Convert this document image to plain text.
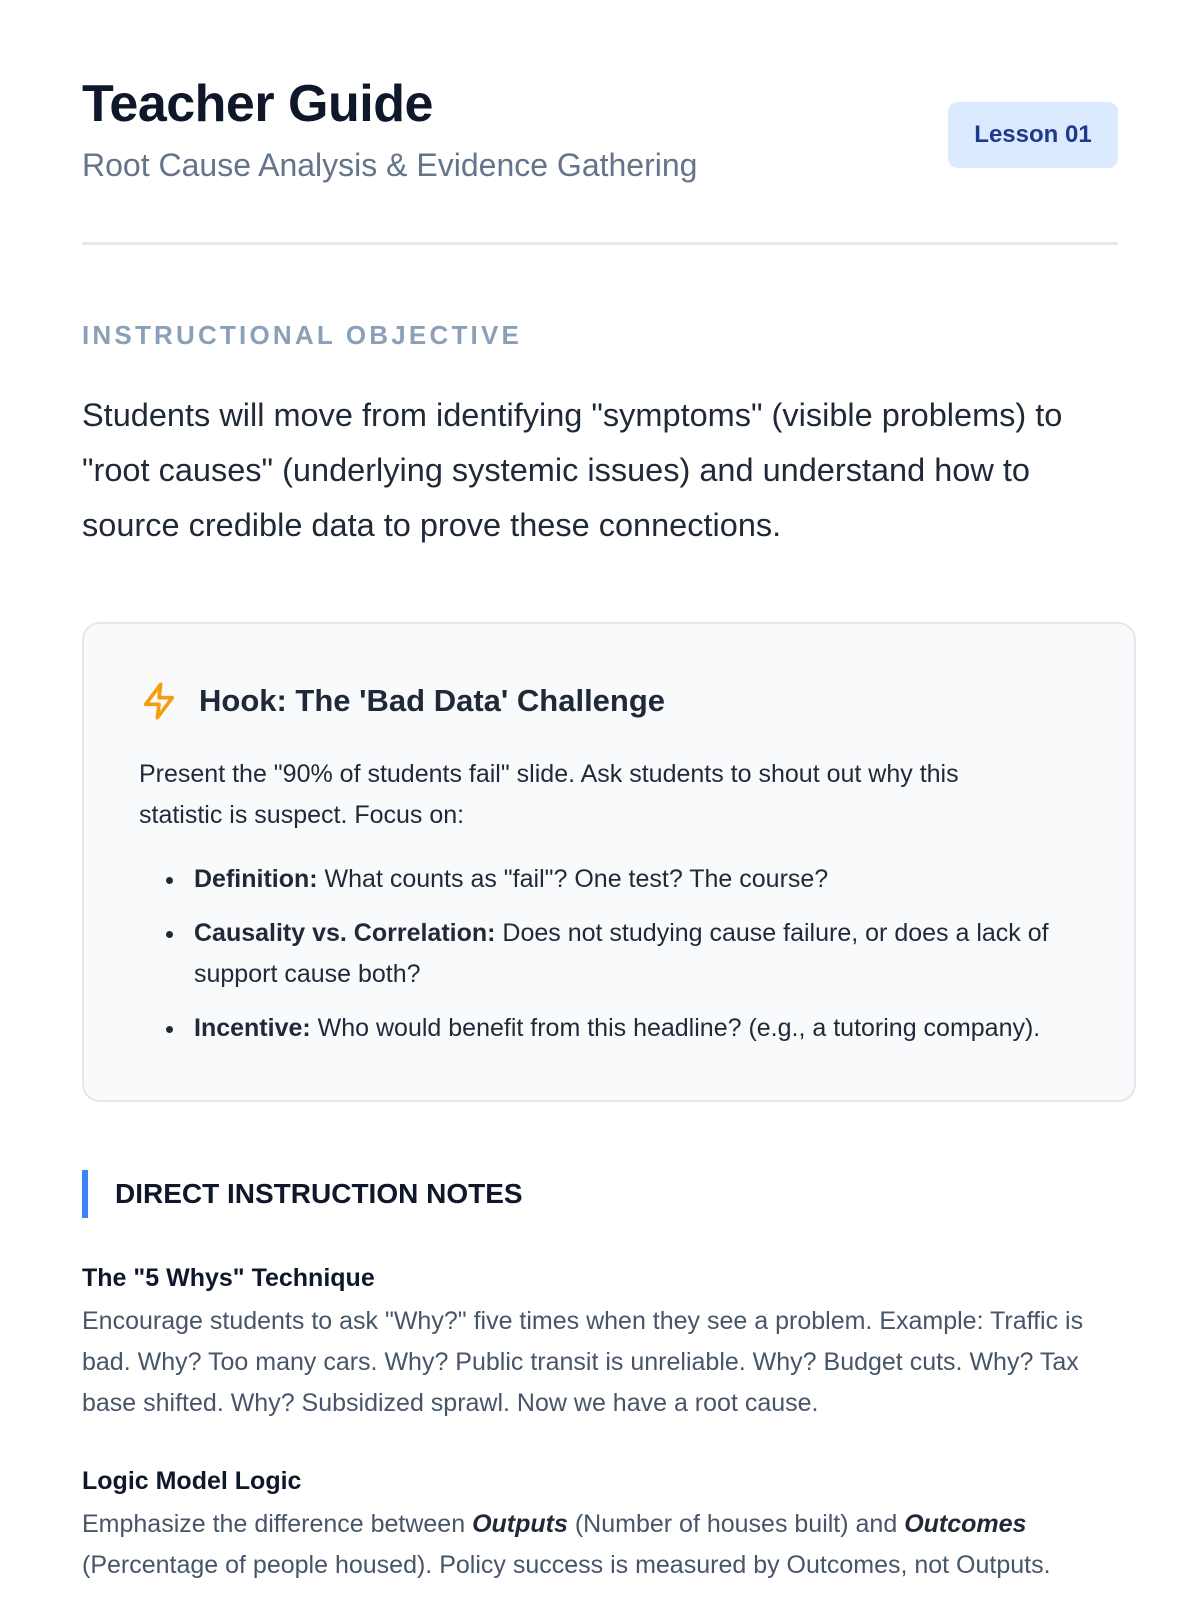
Teacher Guide

Root Cause Analysis & Evidence Gathering

Lesson 01
INSTRUCTIONAL OBJECTIVE

Students will move from identifying "symptoms" (visible problems) to "root causes" (underlying systemic issues) and understand how to source credible data to prove these connections.

Hook: The 'Bad Data' Challenge

Present the "90% of students fail" slide. Ask students to shout out why this statistic is suspect. Focus on:

Definition: What counts as "fail"? One test? The course?
Causality vs. Correlation: Does not studying cause failure, or does a lack of support cause both?
Incentive: Who would benefit from this headline? (e.g., a tutoring company).
DIRECT INSTRUCTION NOTES
The "5 Whys" Technique

Encourage students to ask "Why?" five times when they see a problem. Example: Traffic is bad. Why? Too many cars. Why? Public transit is unreliable. Why? Budget cuts. Why? Tax base shifted. Why? Subsidized sprawl. Now we have a root cause.

Logic Model Logic

Emphasize the difference between Outputs (Number of houses built) and Outcomes (Percentage of people housed). Policy success is measured by Outcomes, not Outputs.
